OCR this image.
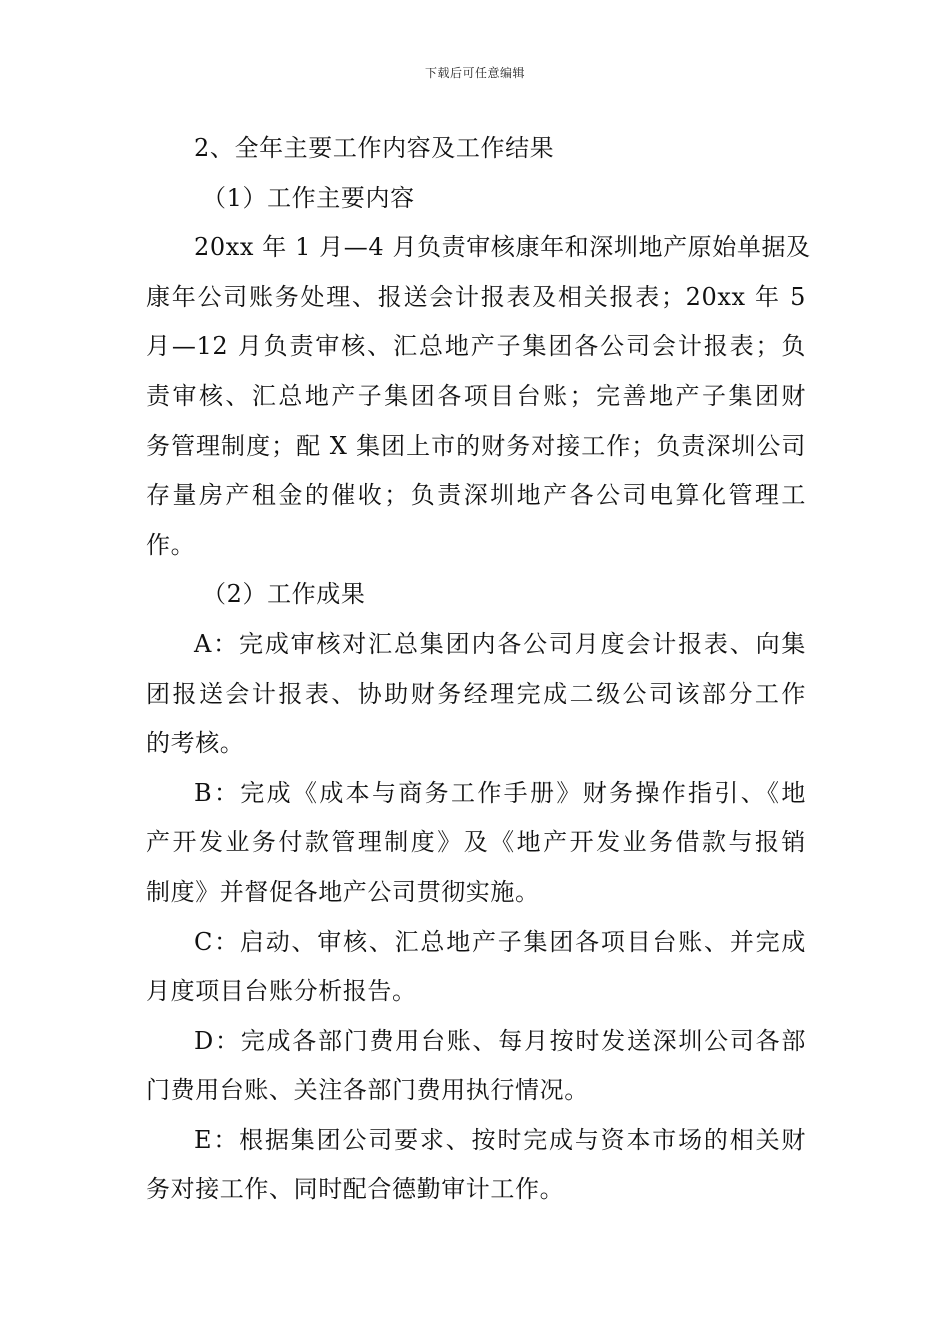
下载后可任意编辑
2、全年主要工作内容及工作结果
（1）工作主要内容
20xx 年 1 月—4 月负责审核康年和深圳地产原始单据及
康年公司账务处理、报送会计报表及相关报表；20xx 年 5
月—12 月负责审核、汇总地产子集团各公司会计报表；负
责审核、汇总地产子集团各项目台账；完善地产子集团财
务管理制度；配 X 集团上市的财务对接工作；负责深圳公司
存量房产租金的催收；负责深圳地产各公司电算化管理工
作。
（2）工作成果
A：完成审核对汇总集团内各公司月度会计报表、向集
团报送会计报表、协助财务经理完成二级公司该部分工作
的考核。
B：完成《成本与商务工作手册》财务操作指引、《地
产开发业务付款管理制度》及《地产开发业务借款与报销
制度》并督促各地产公司贯彻实施。
C：启动、审核、汇总地产子集团各项目台账、并完成
月度项目台账分析报告。
D：完成各部门费用台账、每月按时发送深圳公司各部
门费用台账、关注各部门费用执行情况。
E：根据集团公司要求、按时完成与资本市场的相关财
务对接工作、同时配合德勤审计工作。
